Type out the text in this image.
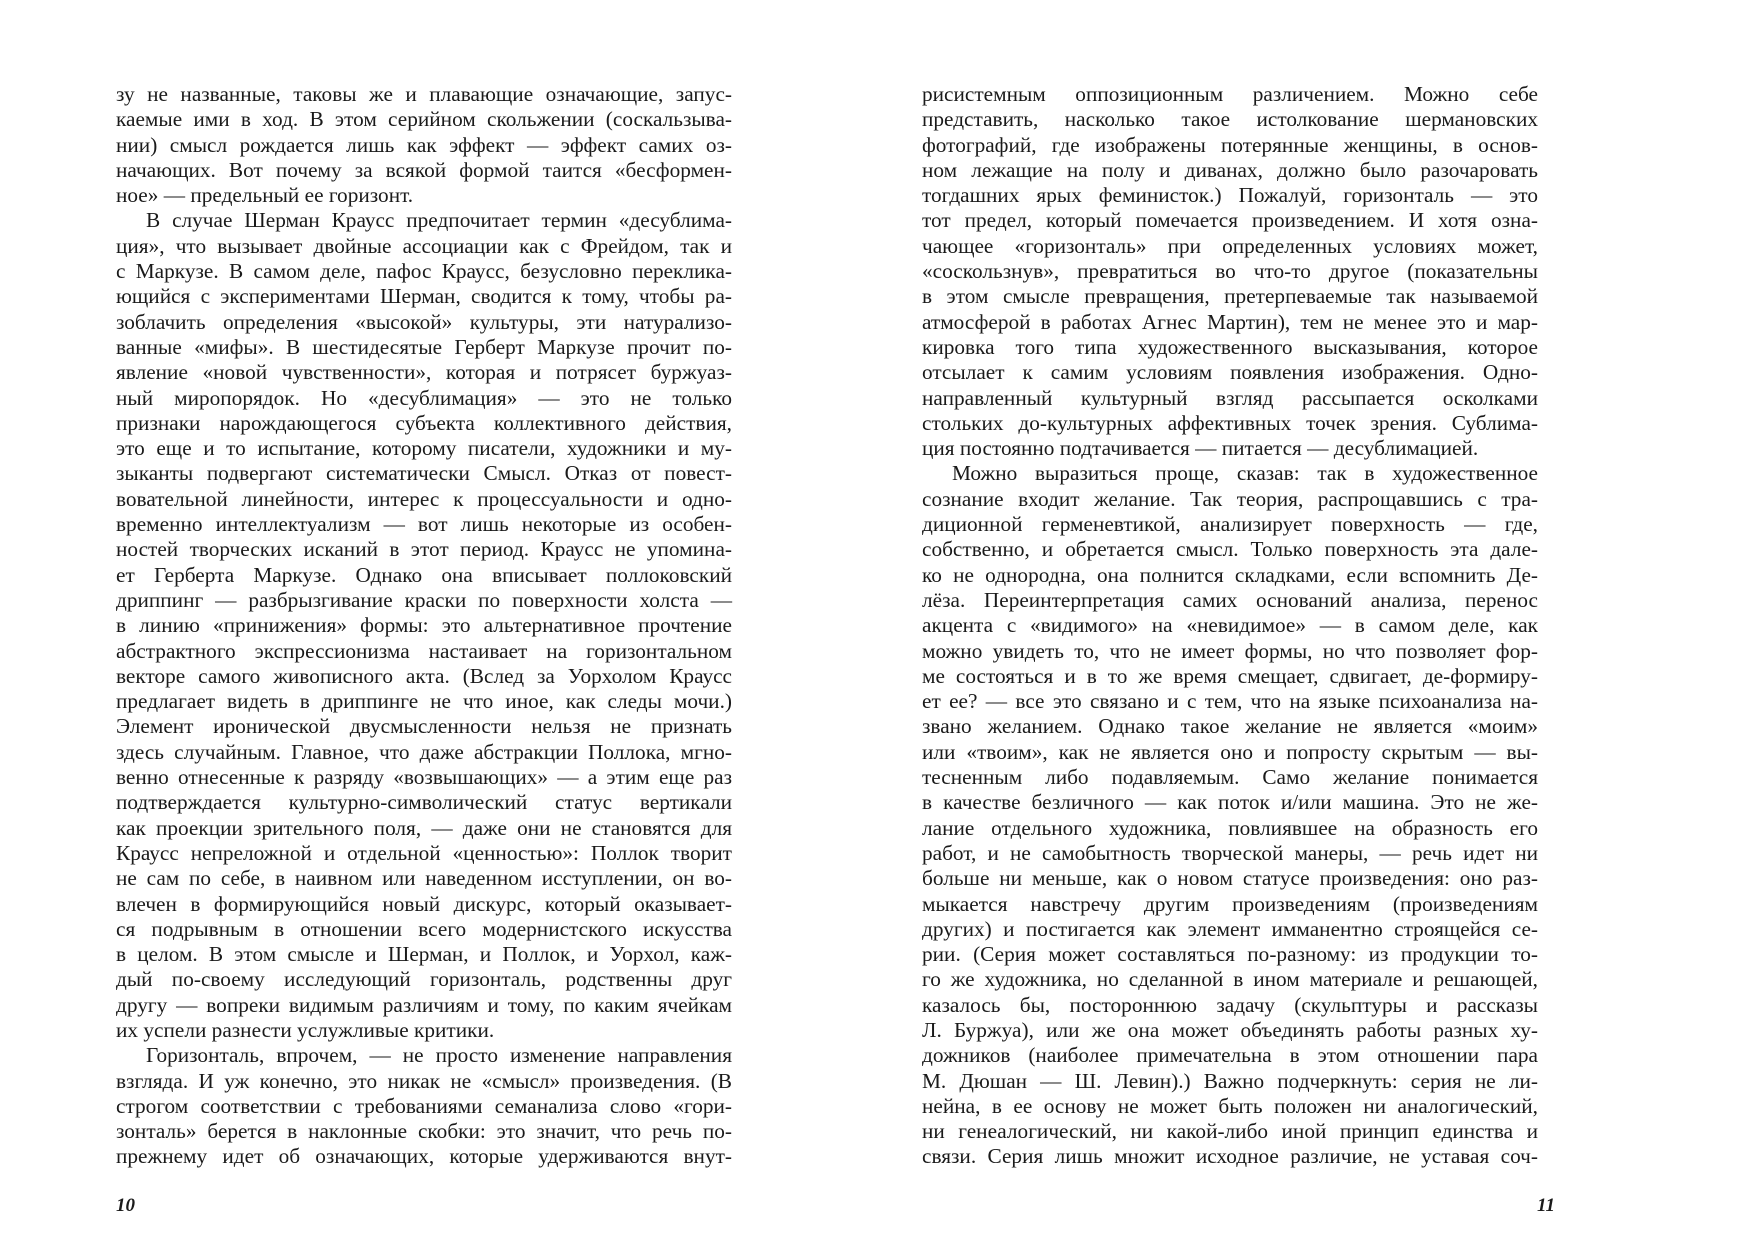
зу не названные, таковы же и плавающие означающие, запус-
каемые ими в ход. В этом серийном скольжении (соскальзыва-
нии) смысл рождается лишь как эффект — эффект самих оз-
начающих. Вот почему за всякой формой таится «бесформен-
ное» — предельный ее горизонт.
В случае Шерман Краусс предпочитает термин «десублима-
ция», что вызывает двойные ассоциации как с Фрейдом, так и
с Маркузе. В самом деле, пафос Краусс, безусловно переклика-
ющийся с экспериментами Шерман, сводится к тому, чтобы ра-
зоблачить определения «высокой» культуры, эти натурализо-
ванные «мифы». В шестидесятые Герберт Маркузе прочит по-
явление «новой чувственности», которая и потрясет буржуаз-
ный миропорядок. Но «десублимация» — это не только
признаки нарождающегося субъекта коллективного действия,
это еще и то испытание, которому писатели, художники и му-
зыканты подвергают систематически Смысл. Отказ от повест-
вовательной линейности, интерес к процессуальности и одно-
временно интеллектуализм — вот лишь некоторые из особен-
ностей творческих исканий в этот период. Краусс не упомина-
ет Герберта Маркузе. Однако она вписывает поллоковский
дриппинг — разбрызгивание краски по поверхности холста —
в линию «принижения» формы: это альтернативное прочтение
абстрактного экспрессионизма настаивает на горизонтальном
векторе самого живописного акта. (Вслед за Уорхолом Краусс
предлагает видеть в дриппинге не что иное, как следы мочи.)
Элемент иронической двусмысленности нельзя не признать
здесь случайным. Главное, что даже абстракции Поллока, мгно-
венно отнесенные к разряду «возвышающих» — а этим еще раз
подтверждается культурно-символический статус вертикали
как проекции зрительного поля, — даже они не становятся для
Краусс непреложной и отдельной «ценностью»: Поллок творит
не сам по себе, в наивном или наведенном исступлении, он во-
влечен в формирующийся новый дискурс, который оказывает-
ся подрывным в отношении всего модернистского искусства
в целом. В этом смысле и Шерман, и Поллок, и Уорхол, каж-
дый по-своему исследующий горизонталь, родственны друг
другу — вопреки видимым различиям и тому, по каким ячейкам
их успели разнести услужливые критики.
Горизонталь, впрочем, — не просто изменение направления
взгляда. И уж конечно, это никак не «смысл» произведения. (В
строгом соответствии с требованиями семанализа слово «гори-
зонталь» берется в наклонные скобки: это значит, что речь по-
прежнему идет об означающих, которые удерживаются внут-
10
рисистемным оппозиционным различением. Можно себе
представить, насколько такое истолкование шермановских
фотографий, где изображены потерянные женщины, в основ-
ном лежащие на полу и диванах, должно было разочаровать
тогдашних ярых феминисток.) Пожалуй, горизонталь — это
тот предел, который помечается произведением. И хотя озна-
чающее «горизонталь» при определенных условиях может,
«соскользнув», превратиться во что-то другое (показательны
в этом смысле превращения, претерпеваемые так называемой
атмосферой в работах Агнес Мартин), тем не менее это и мар-
кировка того типа художественного высказывания, которое
отсылает к самим условиям появления изображения. Одно-
направленный культурный взгляд рассыпается осколками
стольких до-культурных аффективных точек зрения. Сублима-
ция постоянно подтачивается — питается — десублимацией.
Можно выразиться проще, сказав: так в художественное
сознание входит желание. Так теория, распрощавшись с тра-
диционной герменевтикой, анализирует поверхность — где,
собственно, и обретается смысл. Только поверхность эта дале-
ко не однородна, она полнится складками, если вспомнить Де-
лёза. Переинтерпретация самих оснований анализа, перенос
акцента с «видимого» на «невидимое» — в самом деле, как
можно увидеть то, что не имеет формы, но что позволяет фор-
ме состояться и в то же время смещает, сдвигает, де-формиру-
ет ее? — все это связано и с тем, что на языке психоанализа на-
звано желанием. Однако такое желание не является «моим»
или «твоим», как не является оно и попросту скрытым — вы-
тесненным либо подавляемым. Само желание понимается
в качестве безличного — как поток и/или машина. Это не же-
лание отдельного художника, повлиявшее на образность его
работ, и не самобытность творческой манеры, — речь идет ни
больше ни меньше, как о новом статусе произведения: оно раз-
мыкается навстречу другим произведениям (произведениям
других) и постигается как элемент имманентно строящейся се-
рии. (Серия может составляться по-разному: из продукции то-
го же художника, но сделанной в ином материале и решающей,
казалось бы, постороннюю задачу (скульптуры и рассказы
Л. Буржуа), или же она может объединять работы разных ху-
дожников (наиболее примечательна в этом отношении пара
М. Дюшан — Ш. Левин).) Важно подчеркнуть: серия не ли-
нейна, в ее основу не может быть положен ни аналогический,
ни генеалогический, ни какой-либо иной принцип единства и
связи. Серия лишь множит исходное различие, не уставая соч-
11
